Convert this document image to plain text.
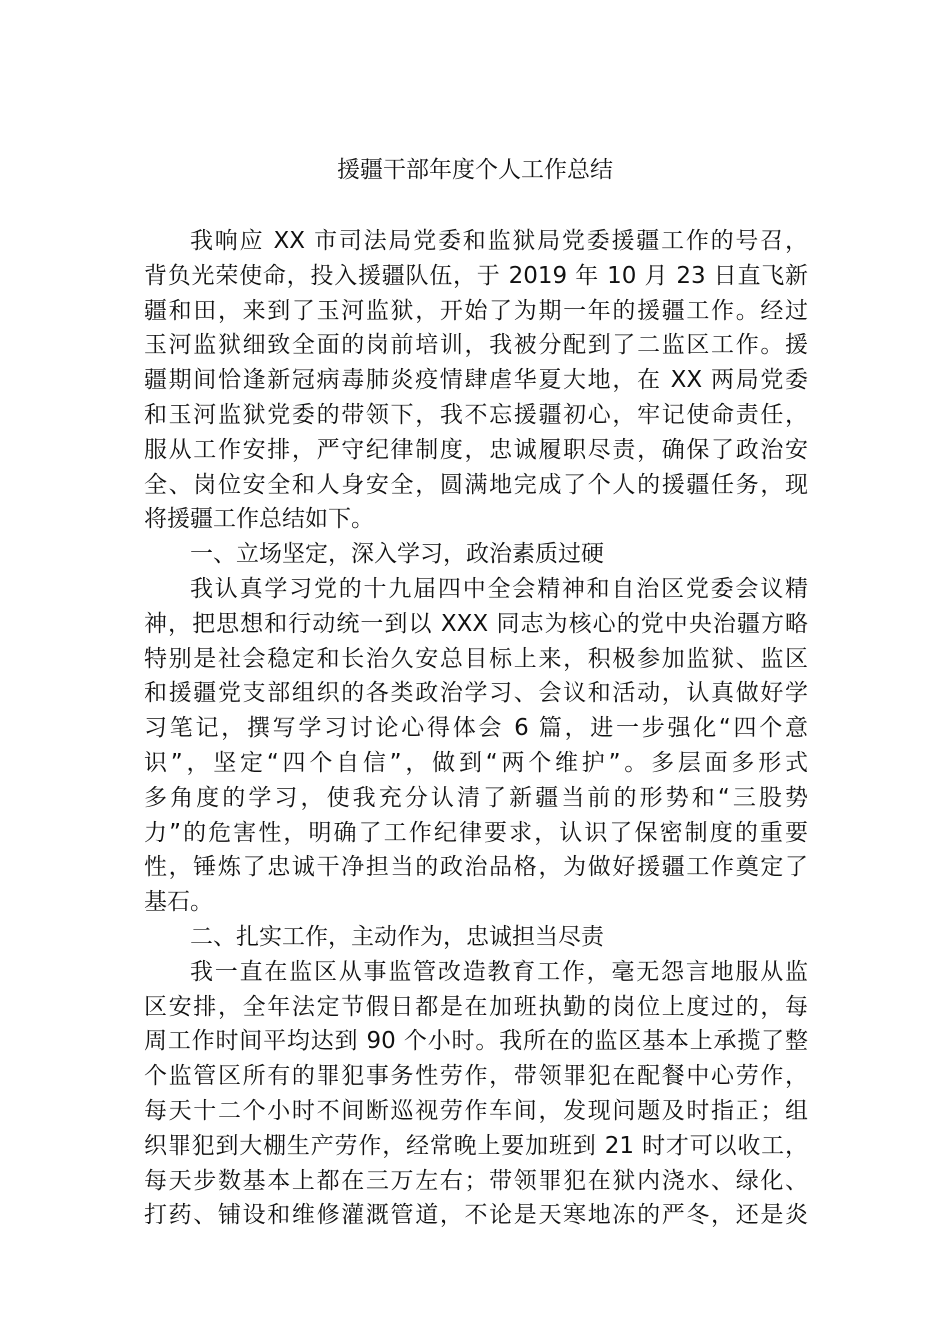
援疆干部年度个人工作总结
我响应 XX 市司法局党委和监狱局党委援疆工作的号召，
背负光荣使命，投入援疆队伍，于 2019 年 10 月 23 日直飞新
疆和田，来到了玉河监狱，开始了为期一年的援疆工作。经过
玉河监狱细致全面的岗前培训，我被分配到了二监区工作。援
疆期间恰逢新冠病毒肺炎疫情肆虐华夏大地，在 XX 两局党委
和玉河监狱党委的带领下，我不忘援疆初心，牢记使命责任，
服从工作安排，严守纪律制度，忠诚履职尽责，确保了政治安
全、岗位安全和人身安全，圆满地完成了个人的援疆任务，现
将援疆工作总结如下。
一、立场坚定，深入学习，政治素质过硬
我认真学习党的十九届四中全会精神和自治区党委会议精
神，把思想和行动统一到以 XXX 同志为核心的党中央治疆方略
特别是社会稳定和长治久安总目标上来，积极参加监狱、监区
和援疆党支部组织的各类政治学习、会议和活动，认真做好学
习笔记，撰写学习讨论心得体会 6 篇，进一步强化“四个意
识”，坚定“四个自信”，做到“两个维护”。多层面多形式
多角度的学习，使我充分认清了新疆当前的形势和“三股势
力”的危害性，明确了工作纪律要求，认识了保密制度的重要
性，锤炼了忠诚干净担当的政治品格，为做好援疆工作奠定了
基石。
二、扎实工作，主动作为，忠诚担当尽责
我一直在监区从事监管改造教育工作，毫无怨言地服从监
区安排，全年法定节假日都是在加班执勤的岗位上度过的，每
周工作时间平均达到 90 个小时。我所在的监区基本上承揽了整
个监管区所有的罪犯事务性劳作，带领罪犯在配餐中心劳作，
每天十二个小时不间断巡视劳作车间，发现问题及时指正；组
织罪犯到大棚生产劳作，经常晚上要加班到 21 时才可以收工，
每天步数基本上都在三万左右；带领罪犯在狱内浇水、绿化、
打药、铺设和维修灌溉管道，不论是天寒地冻的严冬，还是炎
